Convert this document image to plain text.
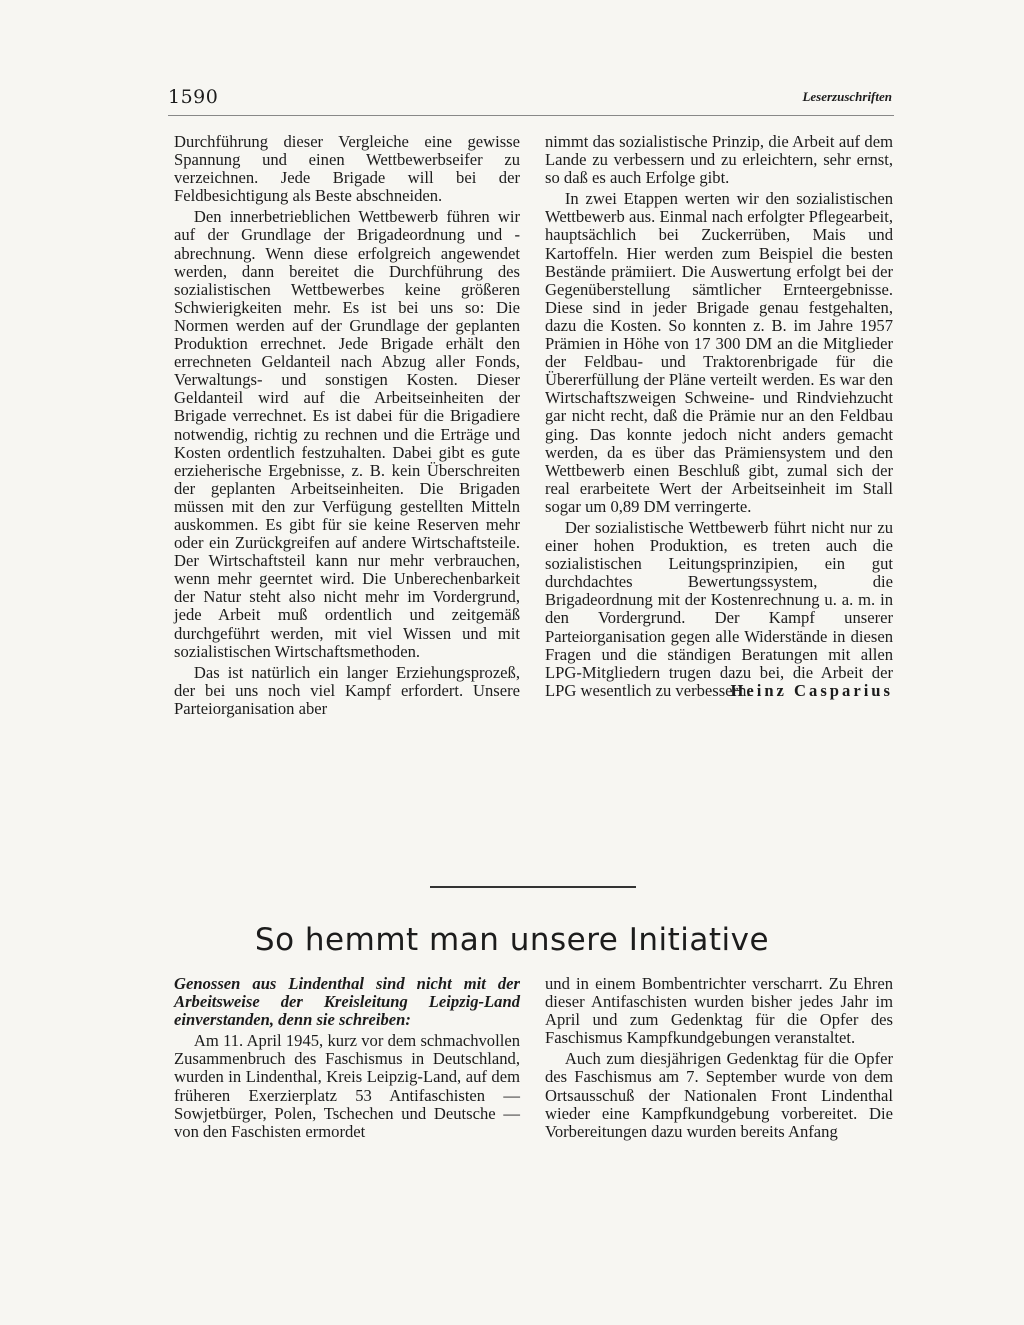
1590	Leserzuschriften

Durchführung dieser Vergleiche eine gewisse Spannung und einen Wettbewerbseifer zu verzeichnen. Jede Brigade will bei der Feldbesichtigung als Beste abschneiden.

Den innerbetrieblichen Wettbewerb führen wir auf der Grundlage der Brigadeordnung und -abrechnung. Wenn diese erfolgreich angewendet werden, dann bereitet die Durchführung des sozialistischen Wettbewerbes keine größeren Schwierigkeiten mehr. Es ist bei uns so: Die Normen werden auf der Grundlage der geplanten Produktion errechnet. Jede Brigade erhält den errechneten Geldanteil nach Abzug aller Fonds, Verwaltungs- und sonstigen Kosten. Dieser Geldanteil wird auf die Arbeitseinheiten der Brigade verrechnet. Es ist dabei für die Brigadiere notwendig, richtig zu rechnen und die Erträge und Kosten ordentlich festzuhalten. Dabei gibt es gute erzieherische Ergebnisse, z. B. kein Überschreiten der geplanten Arbeitseinheiten. Die Brigaden müssen mit den zur Verfügung gestellten Mitteln auskommen. Es gibt für sie keine Reserven mehr oder ein Zurückgreifen auf andere Wirtschaftsteile. Der Wirtschaftsteil kann nur mehr verbrauchen, wenn mehr geerntet wird. Die Unberechenbarkeit der Natur steht also nicht mehr im Vordergrund, jede Arbeit muß ordentlich und zeitgemäß durchgeführt werden, mit viel Wissen und mit sozialistischen Wirtschaftsmethoden.

Das ist natürlich ein langer Erziehungsprozeß, der bei uns noch viel Kampf erfordert. Unsere Parteiorganisation aber

nimmt das sozialistische Prinzip, die Arbeit auf dem Lande zu verbessern und zu erleichtern, sehr ernst, so daß es auch Erfolge gibt.

In zwei Etappen werten wir den sozialistischen Wettbewerb aus. Einmal nach erfolgter Pflegearbeit, hauptsächlich bei Zuckerrüben, Mais und Kartoffeln. Hier werden zum Beispiel die besten Bestände prämiiert. Die Auswertung erfolgt bei der Gegenüberstellung sämtlicher Ernteergebnisse. Diese sind in jeder Brigade genau festgehalten, dazu die Kosten. So konnten z. B. im Jahre 1957 Prämien in Höhe von 17 300 DM an die Mitglieder der Feldbau- und Traktorenbrigade für die Übererfüllung der Pläne verteilt werden. Es war den Wirtschaftszweigen Schweine- und Rindviehzucht gar nicht recht, daß die Prämie nur an den Feldbau ging. Das konnte jedoch nicht anders gemacht werden, da es über das Prämiensystem und den Wettbewerb einen Beschluß gibt, zumal sich der real erarbeitete Wert der Arbeitseinheit im Stall sogar um 0,89 DM verringerte.

Der sozialistische Wettbewerb führt nicht nur zu einer hohen Produktion, es treten auch die sozialistischen Leitungsprinzipien, ein gut durchdachtes Bewertungssystem, die Brigadeordnung mit der Kostenrechnung u. a. m. in den Vordergrund. Der Kampf unserer Parteiorganisation gegen alle Widerstände in diesen Fragen und die ständigen Beratungen mit allen LPG-Mitgliedern trugen dazu bei, die Arbeit der LPG wesentlich zu verbessern.

Heinz Casparius
So hemmt man unsere Initiative

Genossen aus Lindenthal sind nicht mit der Arbeitsweise der Kreisleitung Leipzig-Land einverstanden, denn sie schreiben:

Am 11. April 1945, kurz vor dem schmachvollen Zusammenbruch des Faschismus in Deutschland, wurden in Lindenthal, Kreis Leipzig-Land, auf dem früheren Exerzierplatz 53 Antifaschisten — Sowjetbürger, Polen, Tschechen und Deutsche — von den Faschisten ermordet

und in einem Bombentrichter verscharrt. Zu Ehren dieser Antifaschisten wurden bisher jedes Jahr im April und zum Gedenktag für die Opfer des Faschismus Kampfkundgebungen veranstaltet.

Auch zum diesjährigen Gedenktag für die Opfer des Faschismus am 7. September wurde von dem Ortsausschuß der Nationalen Front Lindenthal wieder eine Kampfkundgebung vorbereitet. Die Vorbereitungen dazu wurden bereits Anfang
